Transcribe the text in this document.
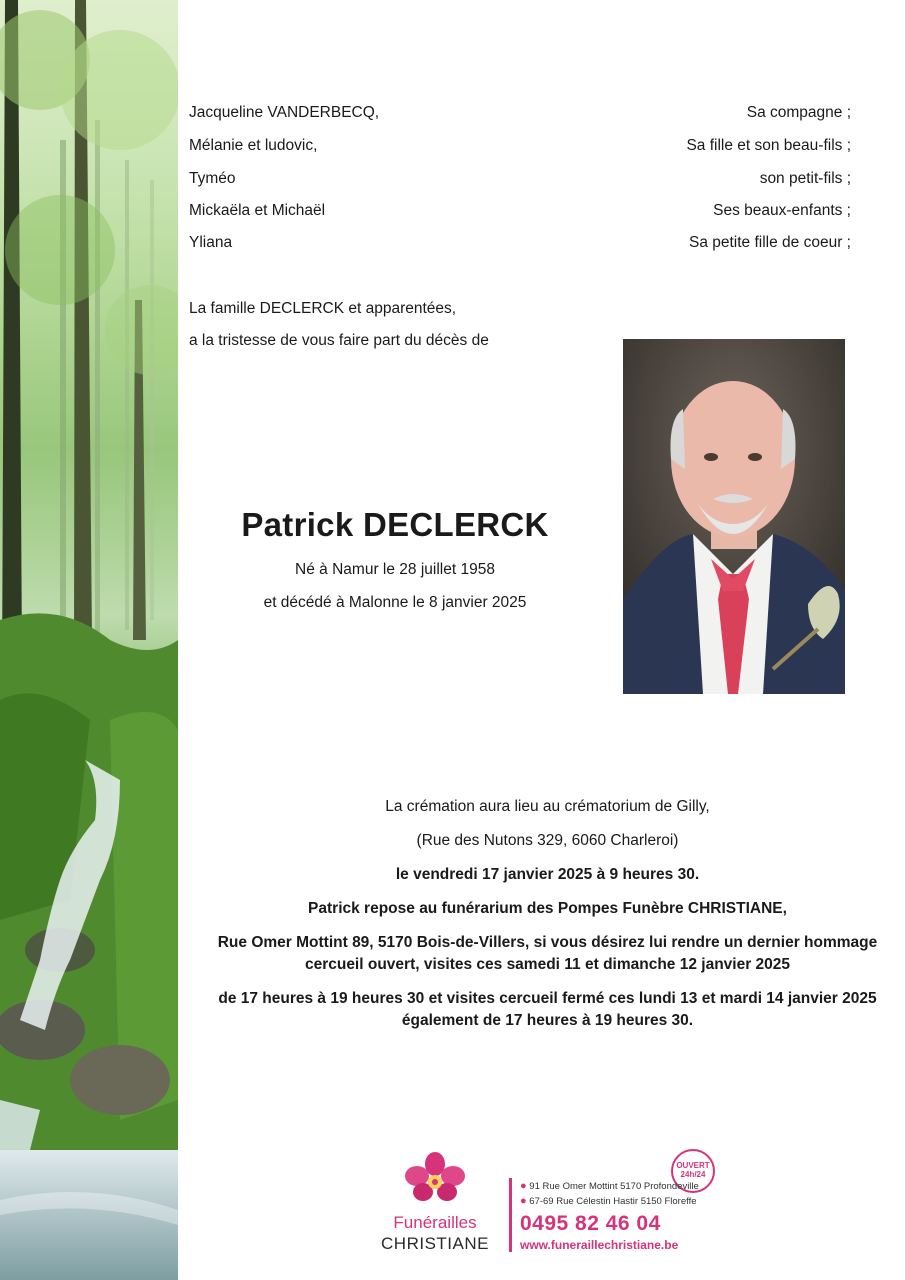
Jacqueline VANDERBECQ,	Sa compagne ;
Mélanie et ludovic,	Sa fille et son beau-fils ;
Tyméo	son petit-fils ;
Mickaëla et Michaël	Ses beaux-enfants ;
Yliana	Sa petite fille de coeur ;
La famille DECLERCK et apparentées,
a la tristesse de vous faire part du décès de
Patrick DECLERCK
Né à Namur le 28 juillet 1958
et décédé à Malonne le 8 janvier 2025
La crémation aura lieu au crématorium de Gilly,
(Rue des Nutons 329, 6060 Charleroi)
le vendredi 17 janvier 2025 à 9 heures 30.
Patrick repose au funérarium des Pompes Funèbre CHRISTIANE,
Rue Omer Mottint 89, 5170 Bois-de-Villers, si vous désirez lui rendre un dernier hommage
cercueil ouvert, visites ces samedi 11 et dimanche 12 janvier 2025
de 17 heures à 19 heures 30 et visites cercueil fermé ces lundi 13 et mardi 14 janvier 2025
également de 17 heures à 19 heures 30.
Funérailles
CHRISTIANE
OUVERT
24h/24
● 91 Rue Omer Mottint 5170 Profondeville
● 67-69 Rue Célestin Hastir 5150 Floreffe
0495 82 46 04
www.funeraillechristiane.be
